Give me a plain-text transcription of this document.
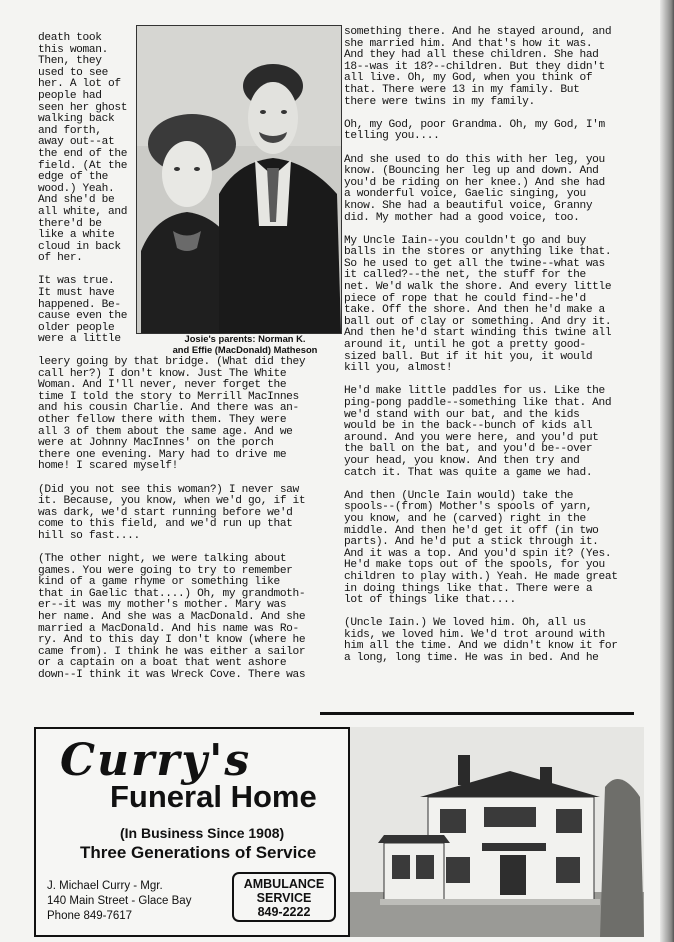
Josie's parents: Norman K.
and Effie (MacDonald) Matheson
death took
this woman.
Then, they
used to see
her. A lot of
people had
seen her ghost
walking back
and forth,
away out--at
the end of the
field. (At the
edge of the
wood.) Yeah.
And she'd be
all white, and
there'd be
like a white
cloud in back
of her.

It was true.
It must have
happened. Be-
cause even the
older people
were a little
leery going by that bridge. (What did they
call her?) I don't know. Just The White
Woman. And I'll never, never forget the
time I told the story to Merrill MacInnes
and his cousin Charlie. And there was an-
other fellow there with them. They were
all 3 of them about the same age. And we
were at Johnny MacInnes' on the porch
there one evening. Mary had to drive me
home! I scared myself!

(Did you not see this woman?) I never saw
it. Because, you know, when we'd go, if it
was dark, we'd start running before we'd
come to this field, and we'd run up that
hill so fast....

(The other night, we were talking about
games. You were going to try to remember
kind of a game rhyme or something like
that in Gaelic that....) Oh, my grandmoth-
er--it was my mother's mother. Mary was
her name. And she was a MacDonald. And she
married a MacDonald. And his name was Ro-
ry. And to this day I don't know (where he
came from). I think he was either a sailor
or a captain on a boat that went ashore
down--I think it was Wreck Cove. There was
something there. And he stayed around, and
she married him. And that's how it was.
And they had all these children. She had
18--was it 18?--children. But they didn't
all live. Oh, my God, when you think of
that. There were 13 in my family. But
there were twins in my family.

Oh, my God, poor Grandma. Oh, my God, I'm
telling you....

And she used to do this with her leg, you
know. (Bouncing her leg up and down. And
you'd be riding on her knee.) And she had
a wonderful voice, Gaelic singing, you
know. She had a beautiful voice, Granny
did. My mother had a good voice, too.

My Uncle Iain--you couldn't go and buy
balls in the stores or anything like that.
So he used to get all the twine--what was
it called?--the net, the stuff for the
net. We'd walk the shore. And every little
piece of rope that he could find--he'd
take. Off the shore. And then he'd make a
ball out of clay or something. And dry it.
And then he'd start winding this twine all
around it, until he got a pretty good-
sized ball. But if it hit you, it would
kill you, almost!

He'd make little paddles for us. Like the
ping-pong paddle--something like that. And
we'd stand with our bat, and the kids
would be in the back--bunch of kids all
around. And you were here, and you'd put
the ball on the bat, and you'd be--over
your head, you know. And then try and
catch it. That was quite a game we had.

And then (Uncle Iain would) take the
spools--(from) Mother's spools of yarn,
you know, and he (carved) right in the
middle. And then he'd get it off (in two
parts). And he'd put a stick through it.
And it was a top. And you'd spin it? (Yes.
He'd make tops out of the spools, for you
children to play with.) Yeah. He made great
in doing things like that. There were a
lot of things like that....

(Uncle Iain.) We loved him. Oh, all us
kids, we loved him. We'd trot around with
him all the time. And we didn't know it for
a long, long time. He was in bed. And he
Curry's
Funeral Home
(In Business Since 1908)
Three Generations of Service
J. Michael Curry - Mgr.
140 Main Street - Glace Bay
Phone 849-7617
AMBULANCE
SERVICE
849-2222
